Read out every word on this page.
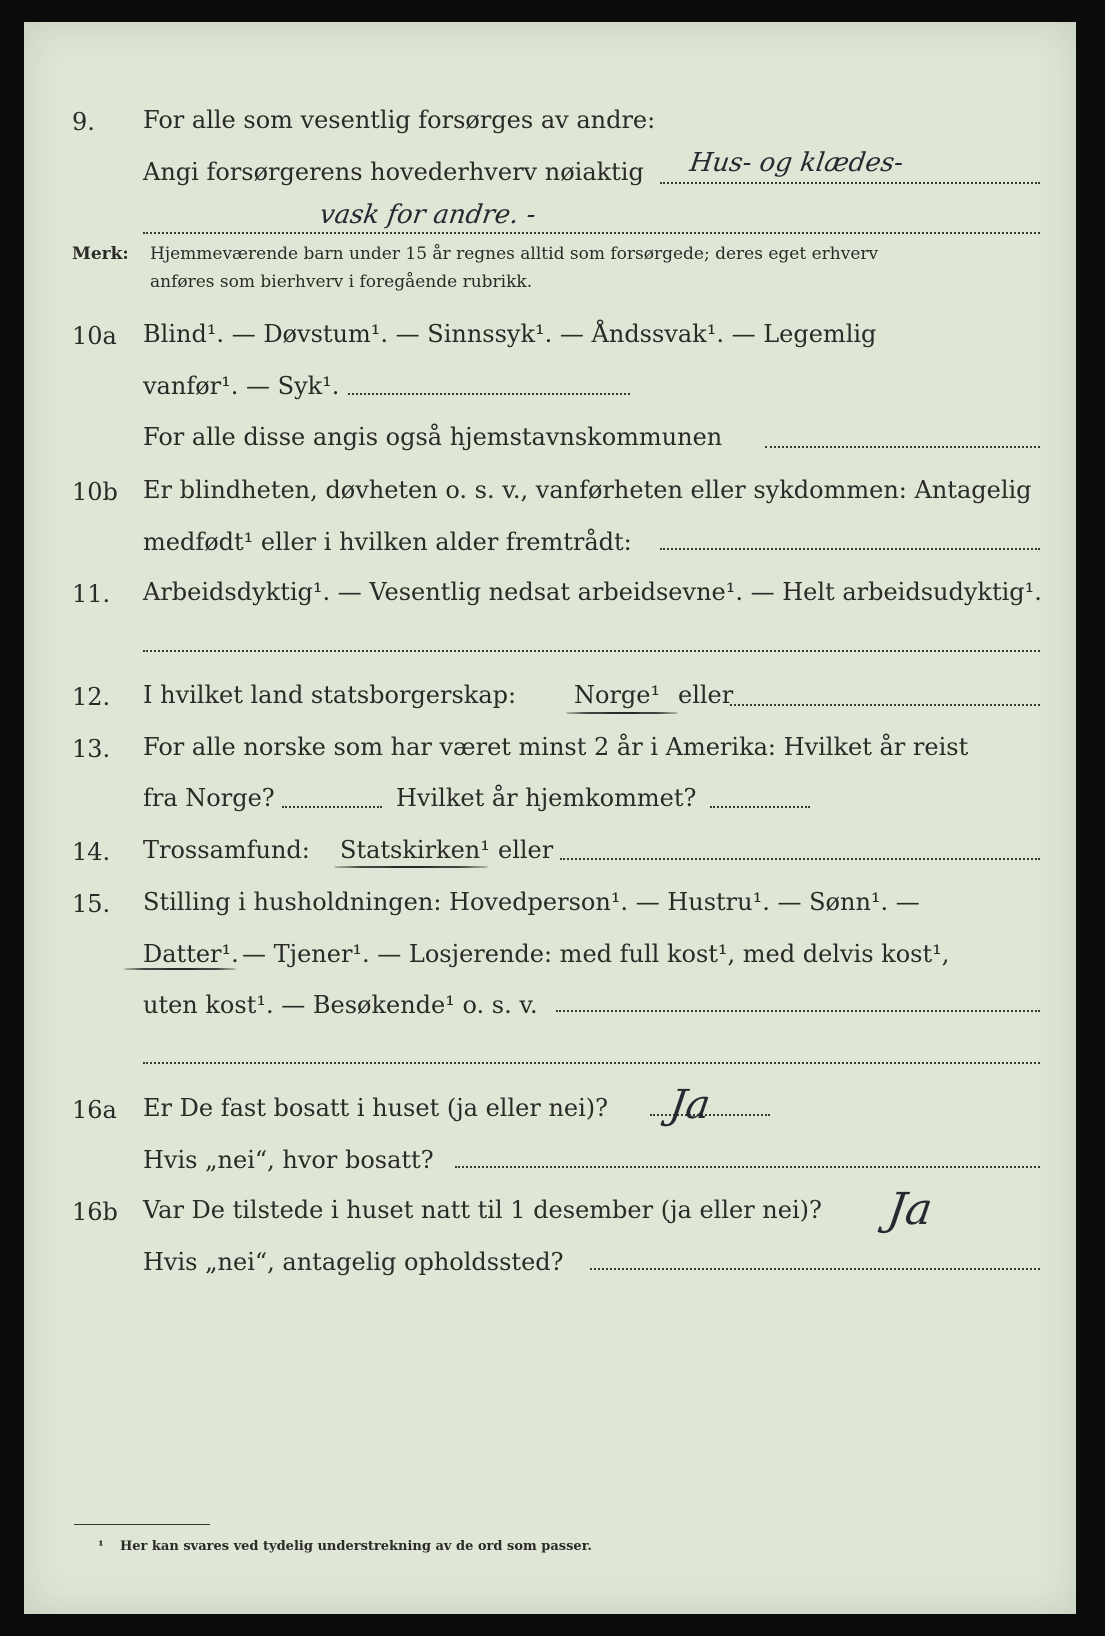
9. For alle som vesentlig forsørges av andre:
Angi forsørgerens hovederhverv nøiaktig Hus- og klædes-
vask for andre. -
Merk: Hjemmeværende barn under 15 år regnes alltid som forsørgede; deres eget erhverv
anføres som bierhverv i foregående rubrikk.
10a Blind¹. — Døvstum¹. — Sinnssyk¹. — Åndssvak¹. — Legemlig
vanfør¹. — Syk¹.
For alle disse angis også hjemstavnskommunen
10b Er blindheten, døvheten o. s. v., vanførheten eller sykdommen: Antagelig
medfødt¹ eller i hvilken alder fremtrådt:
11. Arbeidsdyktig¹. — Vesentlig nedsat arbeidsevne¹. — Helt arbeidsudyktig¹.
12. I hvilket land statsborgerskap: Norge¹ eller
13. For alle norske som har været minst 2 år i Amerika: Hvilket år reist
fra Norge?	Hvilket år hjemkommet?
14. Trossamfund: Statskirken¹ eller
15. Stilling i husholdningen: Hovedperson¹. — Hustru¹. — Sønn¹. —
Datter¹. — Tjener¹. — Losjerende: med full kost¹, med delvis kost¹,
uten kost¹. — Besøkende¹ o. s. v.
16a Er De fast bosatt i huset (ja eller nei)? Ja
Hvis „nei“, hvor bosatt?
16b Var De tilstede i huset natt til 1 desember (ja eller nei)? Ja
Hvis „nei“, antagelig opholdssted?
¹ Her kan svares ved tydelig understrekning av de ord som passer.
